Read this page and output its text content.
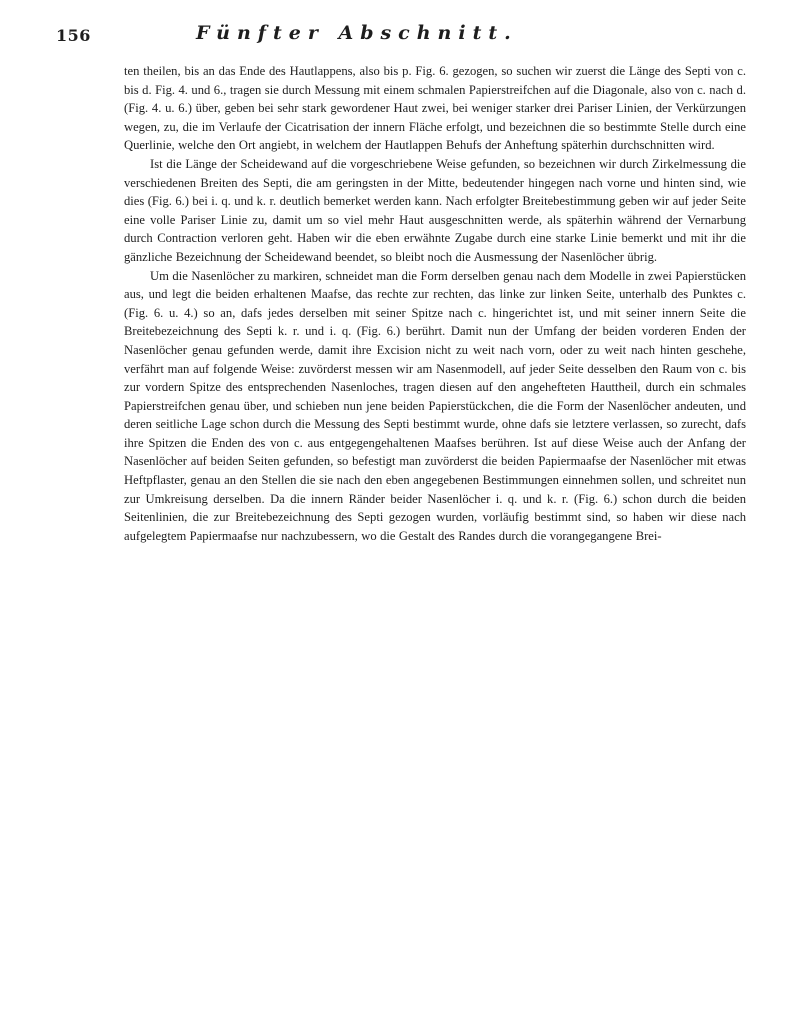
156	Fünfter Abschnitt.

ten theilen, bis an das Ende des Hautlappens, also bis p. Fig. 6. gezogen, so suchen wir zuerst die Länge des Septi von c. bis d. Fig. 4. und 6., tragen sie durch Messung mit einem schmalen Papierstreifchen auf die Diagonale, also von c. nach d. (Fig. 4. u. 6.) über, geben bei sehr stark gewordener Haut zwei, bei weniger starker drei Pariser Linien, der Verkürzungen wegen, zu, die im Verlaufe der Cicatrisation der innern Fläche erfolgt, und bezeichnen die so bestimmte Stelle durch eine Querlinie, welche den Ort angiebt, in welchem der Hautlappen Behufs der Anheftung späterhin durchschnitten wird.

Ist die Länge der Scheidewand auf die vorgeschriebene Weise gefunden, so bezeichnen wir durch Zirkelmessung die verschiedenen Breiten des Septi, die am geringsten in der Mitte, bedeutender hingegen nach vorne und hinten sind, wie dies (Fig. 6.) bei i. q. und k. r. deutlich bemerket werden kann. Nach erfolgter Breitebestimmung geben wir auf jeder Seite eine volle Pariser Linie zu, damit um so viel mehr Haut ausgeschnitten werde, als späterhin während der Vernarbung durch Contraction verloren geht. Haben wir die eben erwähnte Zugabe durch eine starke Linie bemerkt und mit ihr die gänzliche Bezeichnung der Scheidewand beendet, so bleibt noch die Ausmessung der Nasenlöcher übrig.

Um die Nasenlöcher zu markiren, schneidet man die Form derselben genau nach dem Modelle in zwei Papierstücken aus, und legt die beiden erhaltenen Maafse, das rechte zur rechten, das linke zur linken Seite, unterhalb des Punktes c. (Fig. 6. u. 4.) so an, dafs jedes derselben mit seiner Spitze nach c. hingerichtet ist, und mit seiner innern Seite die Breitebezeichnung des Septi k. r. und i. q. (Fig. 6.) berührt. Damit nun der Umfang der beiden vorderen Enden der Nasenlöcher genau gefunden werde, damit ihre Excision nicht zu weit nach vorn, oder zu weit nach hinten geschehe, verfährt man auf folgende Weise: zuvörderst messen wir am Nasenmodell, auf jeder Seite desselben den Raum von c. bis zur vordern Spitze des entsprechenden Nasenloches, tragen diesen auf den angehefteten Hauttheil, durch ein schmales Papierstreifchen genau über, und schieben nun jene beiden Papierstückchen, die die Form der Nasenlöcher andeuten, und deren seitliche Lage schon durch die Messung des Septi bestimmt wurde, ohne dafs sie letztere verlassen, so zurecht, dafs ihre Spitzen die Enden des von c. aus entgegengehaltenen Maafses berühren. Ist auf diese Weise auch der Anfang der Nasenlöcher auf beiden Seiten gefunden, so befestigt man zuvörderst die beiden Papiermaafse der Nasenlöcher mit etwas Heftpflaster, genau an den Stellen die sie nach den eben angegebenen Bestimmungen einnehmen sollen, und schreitet nun zur Umkreisung derselben. Da die innern Ränder beider Nasenlöcher i. q. und k. r. (Fig. 6.) schon durch die beiden Seitenlinien, die zur Breitebezeichnung des Septi gezogen wurden, vorläufig bestimmt sind, so haben wir diese nach aufgelegtem Papiermaafse nur nachzubessern, wo die Gestalt des Randes durch die vorangegangene Brei-
